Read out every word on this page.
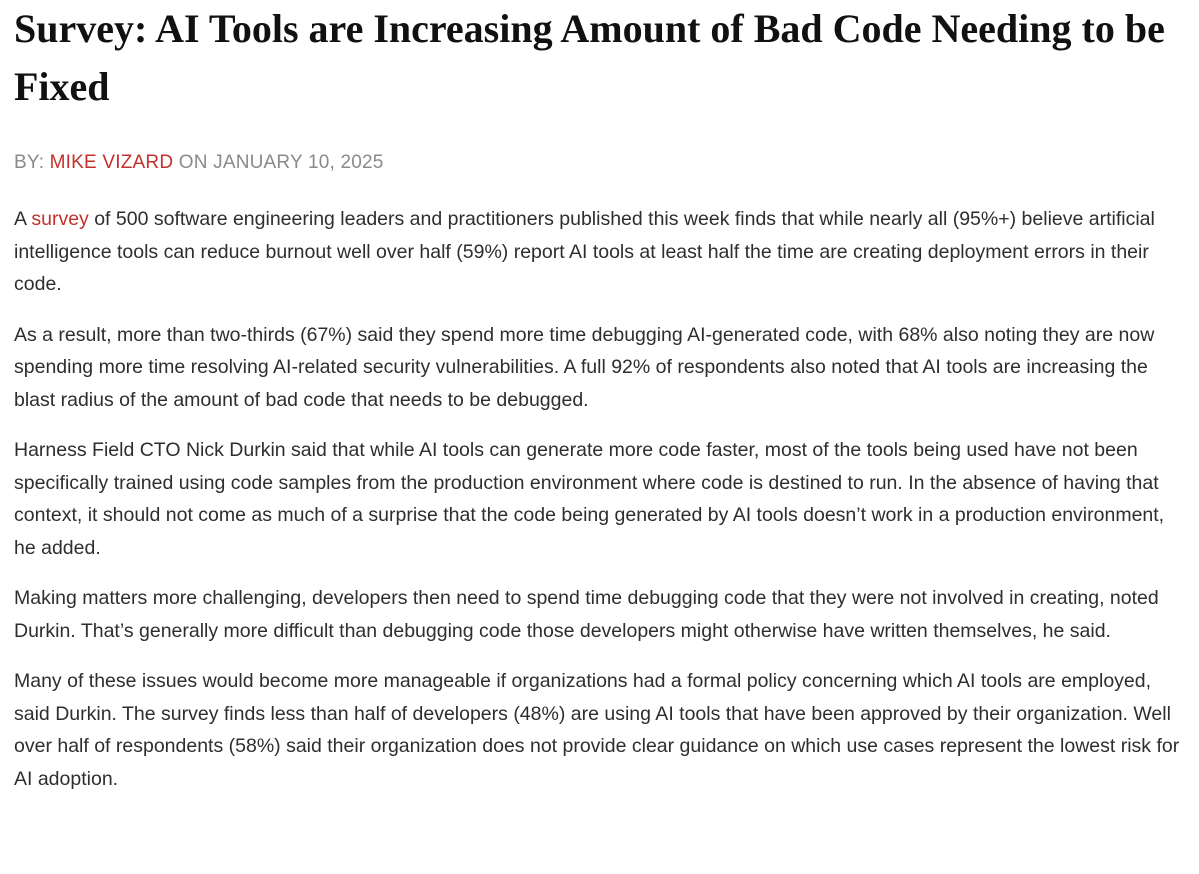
Survey: AI Tools are Increasing Amount of Bad Code Needing to be Fixed
BY: MIKE VIZARD ON JANUARY 10, 2025

A survey of 500 software engineering leaders and practitioners published this week finds that while nearly all (95%+) believe artificial intelligence tools can reduce burnout well over half (59%) report AI tools at least half the time are creating deployment errors in their code.

As a result, more than two-thirds (67%) said they spend more time debugging AI-generated code, with 68% also noting they are now spending more time resolving AI-related security vulnerabilities. A full 92% of respondents also noted that AI tools are increasing the blast radius of the amount of bad code that needs to be debugged.

Harness Field CTO Nick Durkin said that while AI tools can generate more code faster, most of the tools being used have not been specifically trained using code samples from the production environment where code is destined to run. In the absence of having that context, it should not come as much of a surprise that the code being generated by AI tools doesn’t work in a production environment, he added.

Making matters more challenging, developers then need to spend time debugging code that they were not involved in creating, noted Durkin. That’s generally more difficult than debugging code those developers might otherwise have written themselves, he said.

Many of these issues would become more manageable if organizations had a formal policy concerning which AI tools are employed, said Durkin. The survey finds less than half of developers (48%) are using AI tools that have been approved by their organization. Well over half of respondents (58%) said their organization does not provide clear guidance on which use cases represent the lowest risk for AI adoption.
